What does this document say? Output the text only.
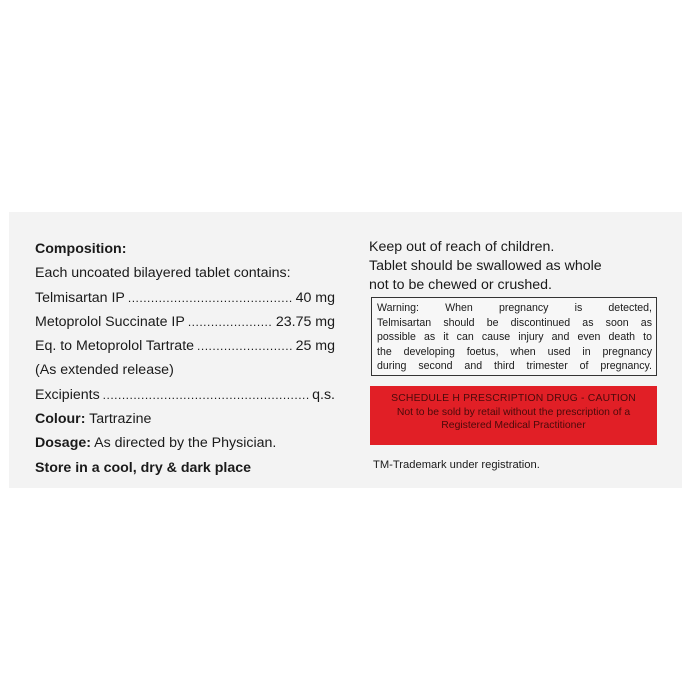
Composition:
Each uncoated bilayered tablet contains:
Telmisartan IP .....	40 mg
Metoprolol Succinate IP .....	23.75 mg
Eq. to Metoprolol Tartrate .....	25 mg
(As extended release)
Excipients .....	q.s.
Colour: Tartrazine
Dosage: As directed by the Physician.
Store in a cool, dry & dark place
Keep out of reach of children.
Tablet should be swallowed as whole
not to be chewed or crushed.
Warning: When pregnancy is detected,
Telmisartan should be discontinued as soon as
possible as it can cause injury and even death to
the developing foetus, when used in pregnancy
during second and third trimester of pregnancy.
SCHEDULE H PRESCRIPTION DRUG - CAUTION
Not to be sold by retail without the prescription of a
Registered Medical Practitioner
TM-Trademark under registration.
